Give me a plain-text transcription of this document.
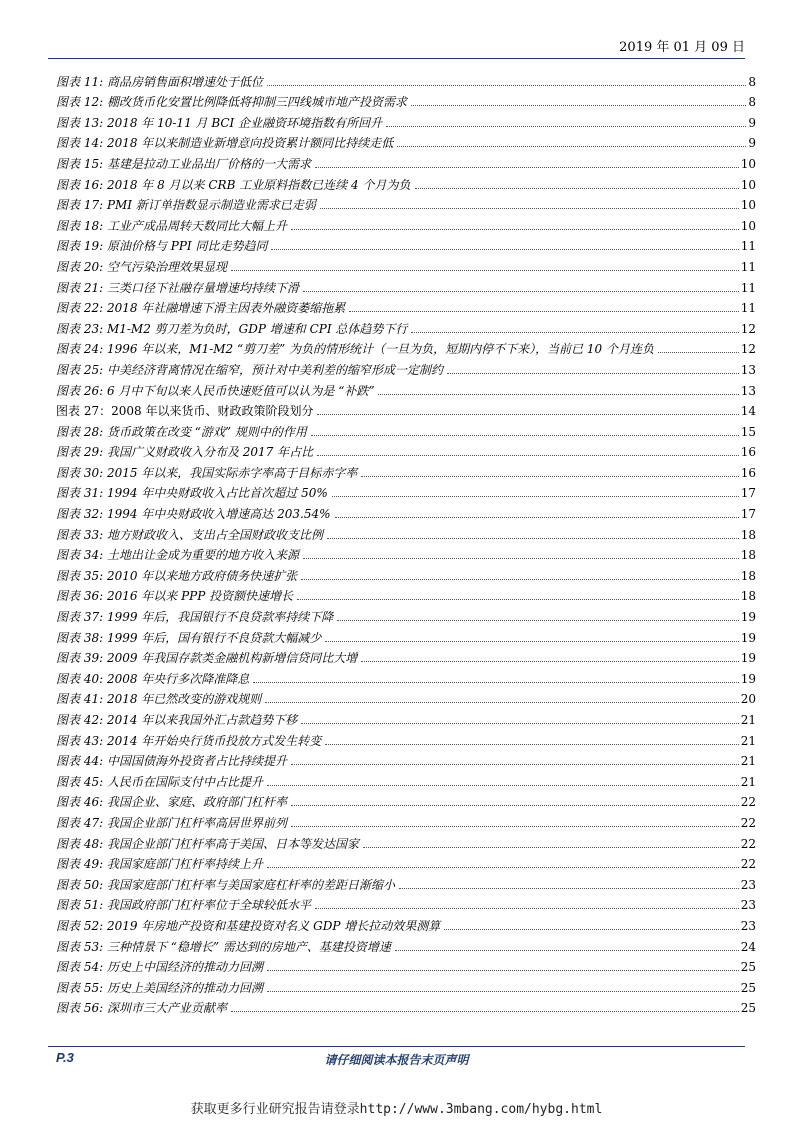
2019 年 01 月 09 日
图表 11: 商品房销售面积增速处于低位	8
图表 12: 棚改货币化安置比例降低将抑制三四线城市地产投资需求	8
图表 13: 2018 年 10-11 月 BCI 企业融资环境指数有所回升	9
图表 14: 2018 年以来制造业新增意向投资累计额同比持续走低	9
图表 15: 基建是拉动工业品出厂价格的一大需求	10
图表 16: 2018 年 8 月以来 CRB 工业原料指数已连续 4 个月为负	10
图表 17: PMI 新订单指数显示制造业需求已走弱	10
图表 18: 工业产成品周转天数同比大幅上升	10
图表 19: 原油价格与 PPI 同比走势趋同	11
图表 20: 空气污染治理效果显现	11
图表 21: 三类口径下社融存量增速均持续下滑	11
图表 22: 2018 年社融增速下滑主因表外融资萎缩拖累	11
图表 23: M1-M2 剪刀差为负时，GDP 增速和 CPI 总体趋势下行	12
图表 24: 1996 年以来，M1-M2 “剪刀差” 为负的情形统计（一旦为负，短期内停不下来），当前已 10 个月连负	12
图表 25: 中美经济背离情况在缩窄，预计对中美利差的缩窄形成一定制约	13
图表 26: 6 月中下旬以来人民币快速贬值可以认为是 “补跌”	13
图表 27：2008 年以来货币、财政政策阶段划分	14
图表 28: 货币政策在改变 “游戏” 规则中的作用	15
图表 29: 我国广义财政收入分布及 2017 年占比	16
图表 30: 2015 年以来，我国实际赤字率高于目标赤字率	16
图表 31: 1994 年中央财政收入占比首次超过 50%	17
图表 32: 1994 年中央财政收入增速高达 203.54%	17
图表 33: 地方财政收入、支出占全国财政收支比例	18
图表 34: 土地出让金成为重要的地方收入来源	18
图表 35: 2010 年以来地方政府债务快速扩张	18
图表 36: 2016 年以来 PPP 投资额快速增长	18
图表 37: 1999 年后，我国银行不良贷款率持续下降	19
图表 38: 1999 年后，国有银行不良贷款大幅减少	19
图表 39: 2009 年我国存款类金融机构新增信贷同比大增	19
图表 40: 2008 年央行多次降准降息	19
图表 41: 2018 年已然改变的游戏规则	20
图表 42: 2014 年以来我国外汇占款趋势下移	21
图表 43: 2014 年开始央行货币投放方式发生转变	21
图表 44: 中国国债海外投资者占比持续提升	21
图表 45: 人民币在国际支付中占比提升	21
图表 46: 我国企业、家庭、政府部门杠杆率	22
图表 47: 我国企业部门杠杆率高居世界前列	22
图表 48: 我国企业部门杠杆率高于美国、日本等发达国家	22
图表 49: 我国家庭部门杠杆率持续上升	22
图表 50: 我国家庭部门杠杆率与美国家庭杠杆率的差距日渐缩小	23
图表 51: 我国政府部门杠杆率位于全球较低水平	23
图表 52: 2019 年房地产投资和基建投资对名义 GDP 增长拉动效果测算	23
图表 53: 三种情景下 “稳增长” 需达到的房地产、基建投资增速	24
图表 54: 历史上中国经济的推动力回溯	25
图表 55: 历史上美国经济的推动力回溯	25
图表 56: 深圳市三大产业贡献率	25
P.3	请仔细阅读本报告末页声明
获取更多行业研究报告请登录http://www.3mbang.com/hybg.html
